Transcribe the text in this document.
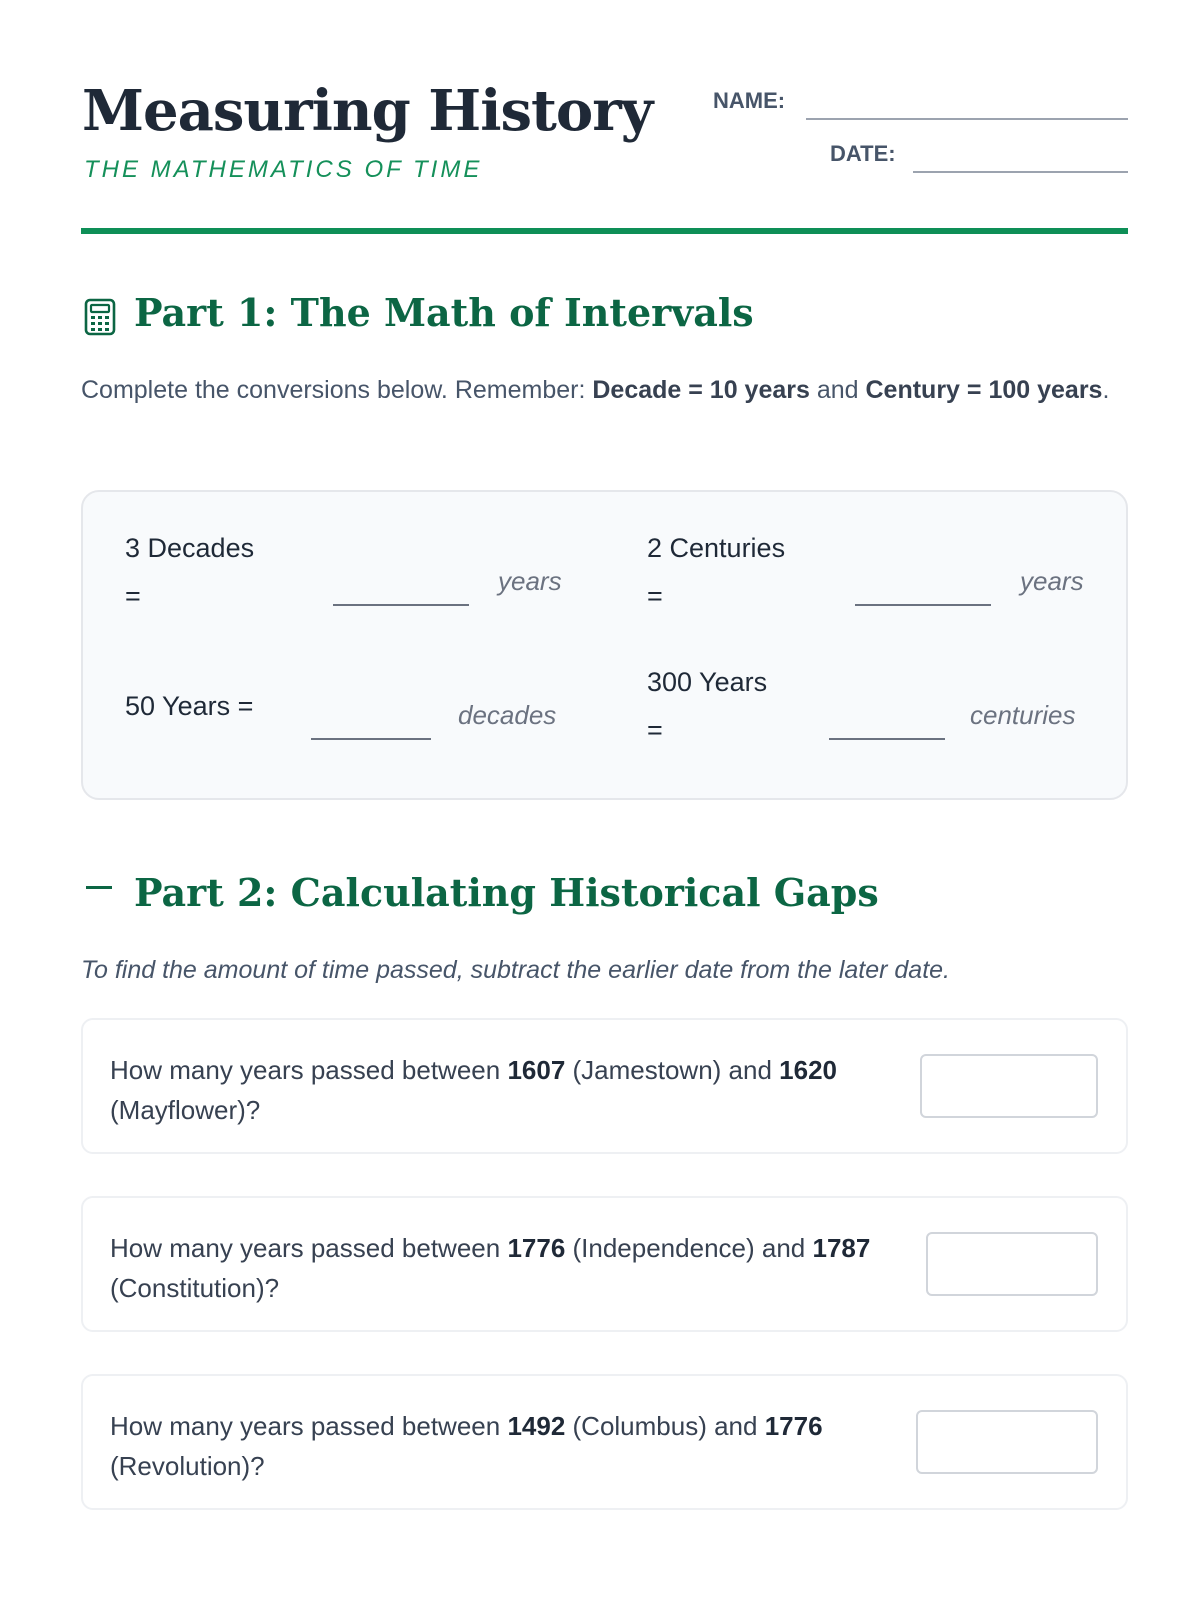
Measuring History
THE MATHEMATICS OF TIME
NAME:
DATE:
Part 1: The Math of Intervals
Complete the conversions below. Remember: Decade = 10 years and Century = 100 years.
3 Decades
=	years
2 Centuries
=	years
50 Years =	decades
300 Years
=	centuries
Part 2: Calculating Historical Gaps
To find the amount of time passed, subtract the earlier date from the later date.
How many years passed between 1607 (Jamestown) and 1620 (Mayflower)?
How many years passed between 1776 (Independence) and 1787 (Constitution)?
How many years passed between 1492 (Columbus) and 1776 (Revolution)?
